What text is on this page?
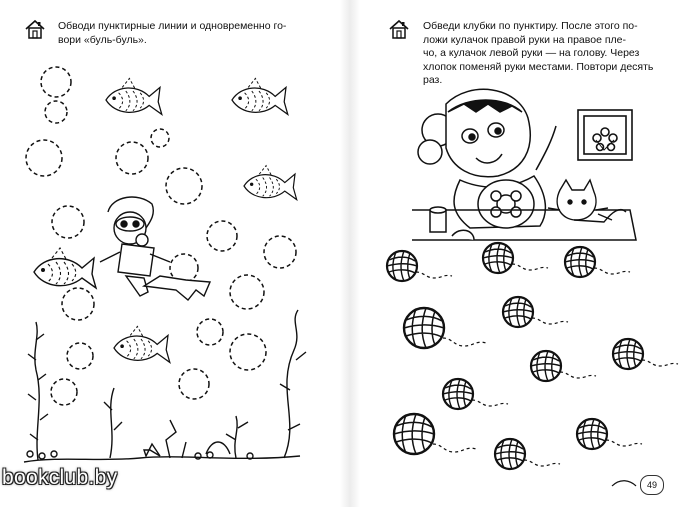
Обводи пунктирные линии и одновременно го-
вори «буль-буль».

Обведи клубки по пунктиру. После этого по-
ложи кулачок правой руки на правое пле-
чо, а кулачок левой руки — на голову. Через
хлопок поменяй руки местами. Повтори десять
раз.

49
bookclub.by
